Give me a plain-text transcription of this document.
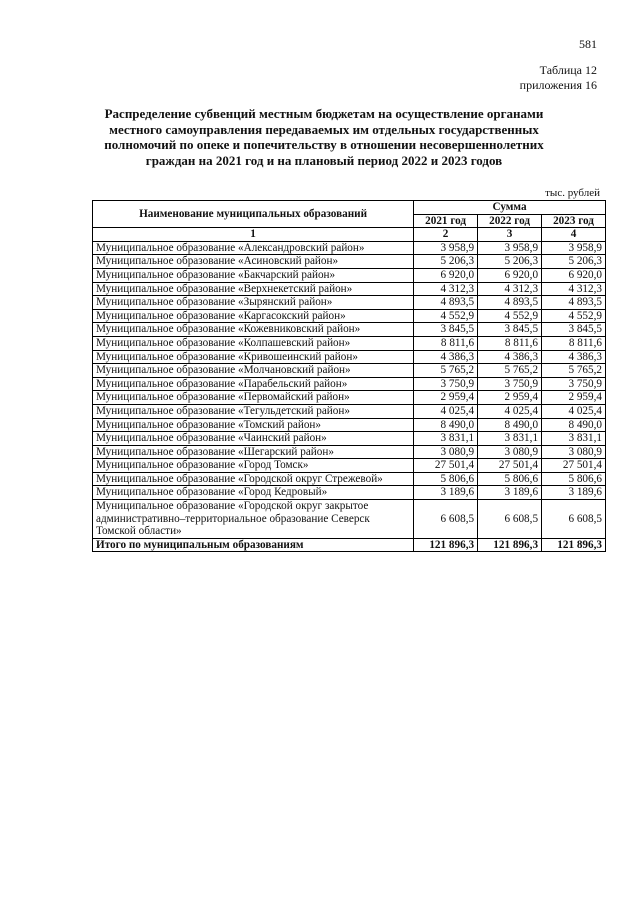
581
Таблица 12
приложения 16
Распределение субвенций местным бюджетам на осуществление органами
местного самоуправления передаваемых им отдельных государственных
полномочий по опеке и попечительству в отношении несовершеннолетних
граждан на 2021 год и на плановый период 2022 и 2023 годов
тыс. рублей
Наименование муниципальных образований	Сумма		
	2021 год	2022 год	2023 год
1	2	3	4
Муниципальное образование «Александровский район»	3 958,9	3 958,9	3 958,9
Муниципальное образование «Асиновский район»	5 206,3	5 206,3	5 206,3
Муниципальное образование «Бакчарский район»	6 920,0	6 920,0	6 920,0
Муниципальное образование «Верхнекетский район»	4 312,3	4 312,3	4 312,3
Муниципальное образование «Зырянский район»	4 893,5	4 893,5	4 893,5
Муниципальное образование «Каргасокский район»	4 552,9	4 552,9	4 552,9
Муниципальное образование «Кожевниковский район»	3 845,5	3 845,5	3 845,5
Муниципальное образование «Колпашевский район»	8 811,6	8 811,6	8 811,6
Муниципальное образование «Кривошеинский район»	4 386,3	4 386,3	4 386,3
Муниципальное образование «Молчановский район»	5 765,2	5 765,2	5 765,2
Муниципальное образование «Парабельский район»	3 750,9	3 750,9	3 750,9
Муниципальное образование «Первомайский район»	2 959,4	2 959,4	2 959,4
Муниципальное образование «Тегульдетский район»	4 025,4	4 025,4	4 025,4
Муниципальное образование «Томский район»	8 490,0	8 490,0	8 490,0
Муниципальное образование «Чаинский район»	3 831,1	3 831,1	3 831,1
Муниципальное образование «Шегарский район»	3 080,9	3 080,9	3 080,9
Муниципальное образование «Город Томск»	27 501,4	27 501,4	27 501,4
Муниципальное образование «Городской округ Стрежевой»	5 806,6	5 806,6	5 806,6
Муниципальное образование «Город Кедровый»	3 189,6	3 189,6	3 189,6
Муниципальное образование «Городской округ закрытое административно–территориальное образование Северск Томской области»	6 608,5	6 608,5	6 608,5
Итого по муниципальным образованиям	121 896,3	121 896,3	121 896,3
